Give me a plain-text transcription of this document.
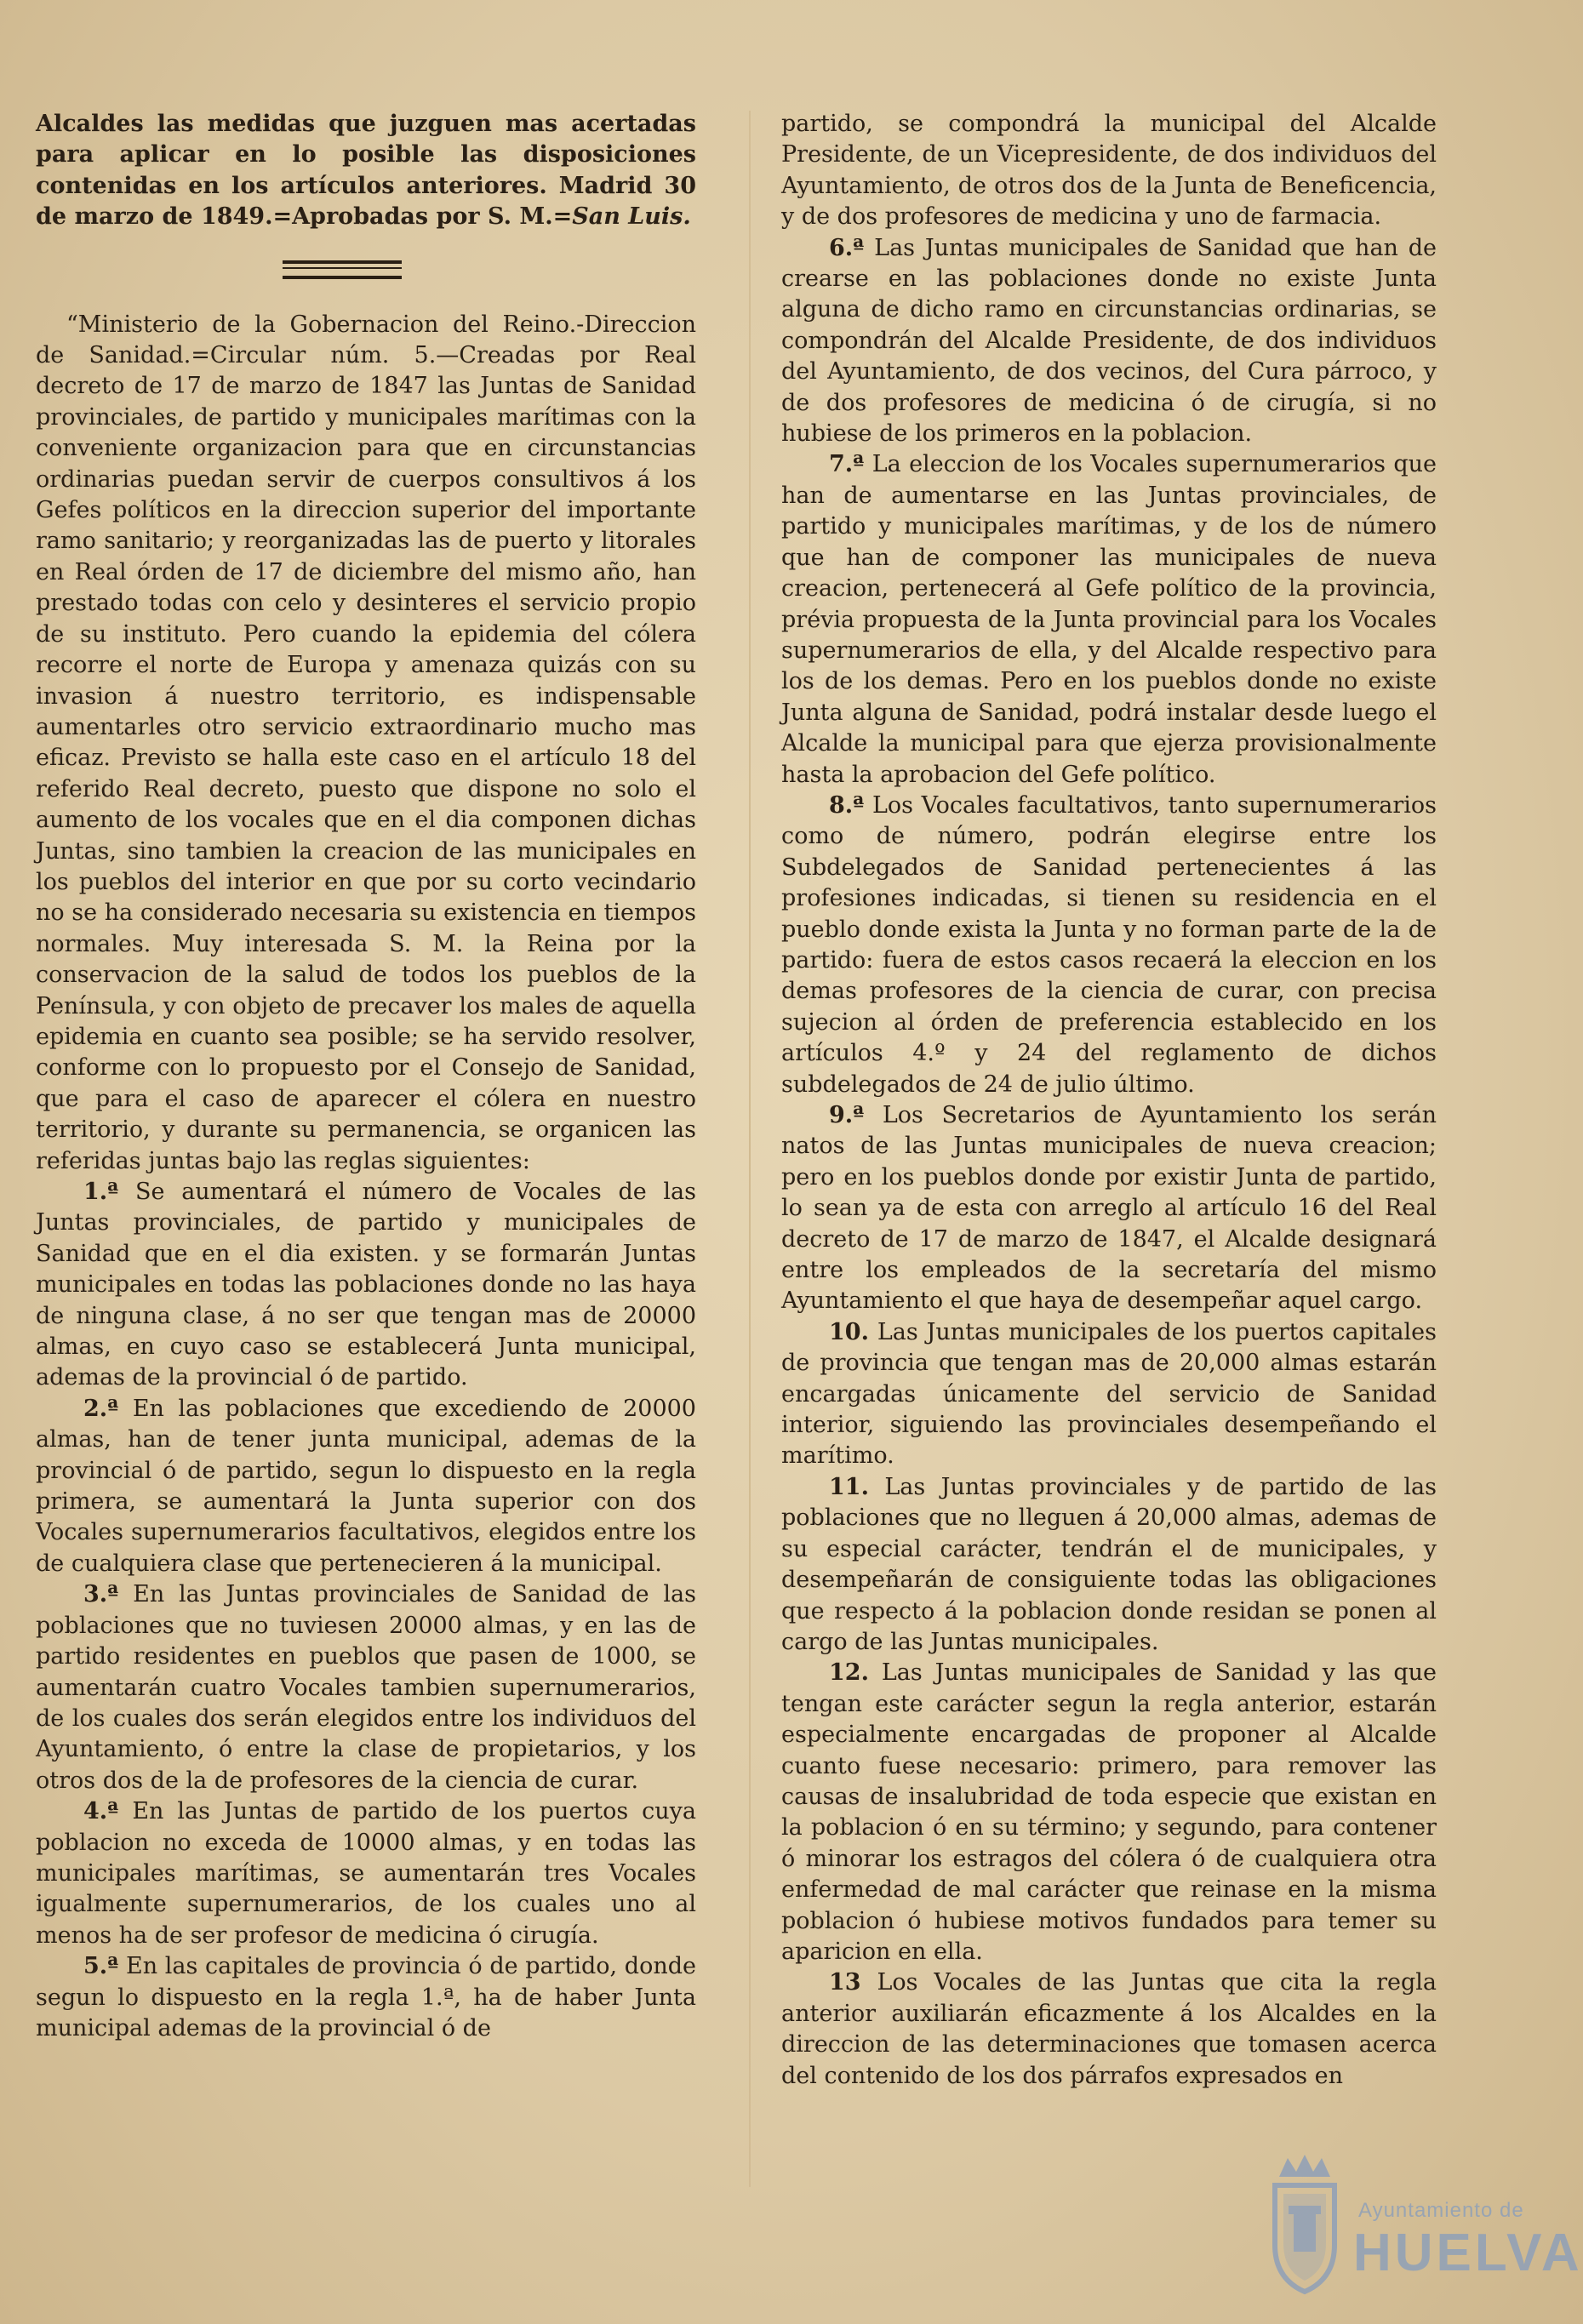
Alcaldes las medidas que juzguen mas acertadas para aplicar en lo posible las disposiciones contenidas en los artículos anteriores. Madrid 30 de marzo de 1849.=Aprobadas por S. M.=San Luis.

“Ministerio de la Gobernacion del Reino.-Direccion de Sanidad.=Circular núm. 5.—Creadas por Real decreto de 17 de marzo de 1847 las Juntas de Sanidad provinciales, de partido y municipales marítimas con la conveniente organizacion para que en circunstancias ordinarias puedan servir de cuerpos consultivos á los Gefes políticos en la direccion superior del importante ramo sanitario; y reorganizadas las de puerto y litorales en Real órden de 17 de diciembre del mismo año, han prestado todas con celo y desinteres el servicio propio de su instituto. Pero cuando la epidemia del cólera recorre el norte de Europa y amenaza quizás con su invasion á nuestro territorio, es indispensable aumentarles otro servicio extraordinario mucho mas eficaz. Previsto se halla este caso en el artículo 18 del referido Real decreto, puesto que dispone no solo el aumento de los vocales que en el dia componen dichas Juntas, sino tambien la creacion de las municipales en los pueblos del interior en que por su corto vecindario no se ha considerado necesaria su existencia en tiempos normales. Muy interesada S. M. la Reina por la conservacion de la salud de todos los pueblos de la Península, y con objeto de precaver los males de aquella epidemia en cuanto sea posible; se ha servido resolver, conforme con lo propuesto por el Consejo de Sanidad, que para el caso de aparecer el cólera en nuestro territorio, y durante su permanencia, se organicen las referidas juntas bajo las reglas siguientes:

1.ª Se aumentará el número de Vocales de las Juntas provinciales, de partido y municipales de Sanidad que en el dia existen. y se formarán Juntas municipales en todas las poblaciones donde no las haya de ninguna clase, á no ser que tengan mas de 20000 almas, en cuyo caso se establecerá Junta municipal, ademas de la provincial ó de partido.

2.ª En las poblaciones que excediendo de 20000 almas, han de tener junta municipal, ademas de la provincial ó de partido, segun lo dispuesto en la regla primera, se aumentará la Junta superior con dos Vocales supernumerarios facultativos, elegidos entre los de cualquiera clase que pertenecieren á la municipal.

3.ª En las Juntas provinciales de Sanidad de las poblaciones que no tuviesen 20000 almas, y en las de partido residentes en pueblos que pasen de 1000, se aumentarán cuatro Vocales tambien supernumerarios, de los cuales dos serán elegidos entre los individuos del Ayuntamiento, ó entre la clase de propietarios, y los otros dos de la de profesores de la ciencia de curar.

4.ª En las Juntas de partido de los puertos cuya poblacion no exceda de 10000 almas, y en todas las municipales marítimas, se aumentarán tres Vocales igualmente supernumerarios, de los cuales uno al menos ha de ser profesor de medicina ó cirugía.

5.ª En las capitales de provincia ó de partido, donde segun lo dispuesto en la regla 1.ª, ha de haber Junta municipal ademas de la provincial ó de

partido, se compondrá la municipal del Alcalde Presidente, de un Vicepresidente, de dos individuos del Ayuntamiento, de otros dos de la Junta de Beneficencia, y de dos profesores de medicina y uno de farmacia.

6.ª Las Juntas municipales de Sanidad que han de crearse en las poblaciones donde no existe Junta alguna de dicho ramo en circunstancias ordinarias, se compondrán del Alcalde Presidente, de dos individuos del Ayuntamiento, de dos vecinos, del Cura párroco, y de dos profesores de medicina ó de cirugía, si no hubiese de los primeros en la poblacion.

7.ª La eleccion de los Vocales supernumerarios que han de aumentarse en las Juntas provinciales, de partido y municipales marítimas, y de los de número que han de componer las municipales de nueva creacion, pertenecerá al Gefe político de la provincia, prévia propuesta de la Junta provincial para los Vocales supernumerarios de ella, y del Alcalde respectivo para los de los demas. Pero en los pueblos donde no existe Junta alguna de Sanidad, podrá instalar desde luego el Alcalde la municipal para que ejerza provisionalmente hasta la aprobacion del Gefe político.

8.ª Los Vocales facultativos, tanto supernumerarios como de número, podrán elegirse entre los Subdelegados de Sanidad pertenecientes á las profesiones indicadas, si tienen su residencia en el pueblo donde exista la Junta y no forman parte de la de partido: fuera de estos casos recaerá la eleccion en los demas profesores de la ciencia de curar, con precisa sujecion al órden de preferencia establecido en los artículos 4.º y 24 del reglamento de dichos subdelegados de 24 de julio último.

9.ª Los Secretarios de Ayuntamiento los serán natos de las Juntas municipales de nueva creacion; pero en los pueblos donde por existir Junta de partido, lo sean ya de esta con arreglo al artículo 16 del Real decreto de 17 de marzo de 1847, el Alcalde designará entre los empleados de la secretaría del mismo Ayuntamiento el que haya de desempeñar aquel cargo.

10. Las Juntas municipales de los puertos capitales de provincia que tengan mas de 20,000 almas estarán encargadas únicamente del servicio de Sanidad interior, siguiendo las provinciales desempeñando el marítimo.

11. Las Juntas provinciales y de partido de las poblaciones que no lleguen á 20,000 almas, ademas de su especial carácter, tendrán el de municipales, y desempeñarán de consiguiente todas las obligaciones que respecto á la poblacion donde residan se ponen al cargo de las Juntas municipales.

12. Las Juntas municipales de Sanidad y las que tengan este carácter segun la regla anterior, estarán especialmente encargadas de proponer al Alcalde cuanto fuese necesario: primero, para remover las causas de insalubridad de toda especie que existan en la poblacion ó en su término; y segundo, para contener ó minorar los estragos del cólera ó de cualquiera otra enfermedad de mal carácter que reinase en la misma poblacion ó hubiese motivos fundados para temer su aparicion en ella.

13 Los Vocales de las Juntas que cita la regla anterior auxiliarán eficazmente á los Alcaldes en la direccion de las determinaciones que tomasen acerca del contenido de los dos párrafos expresados en

Ayuntamiento de
HUELVA
